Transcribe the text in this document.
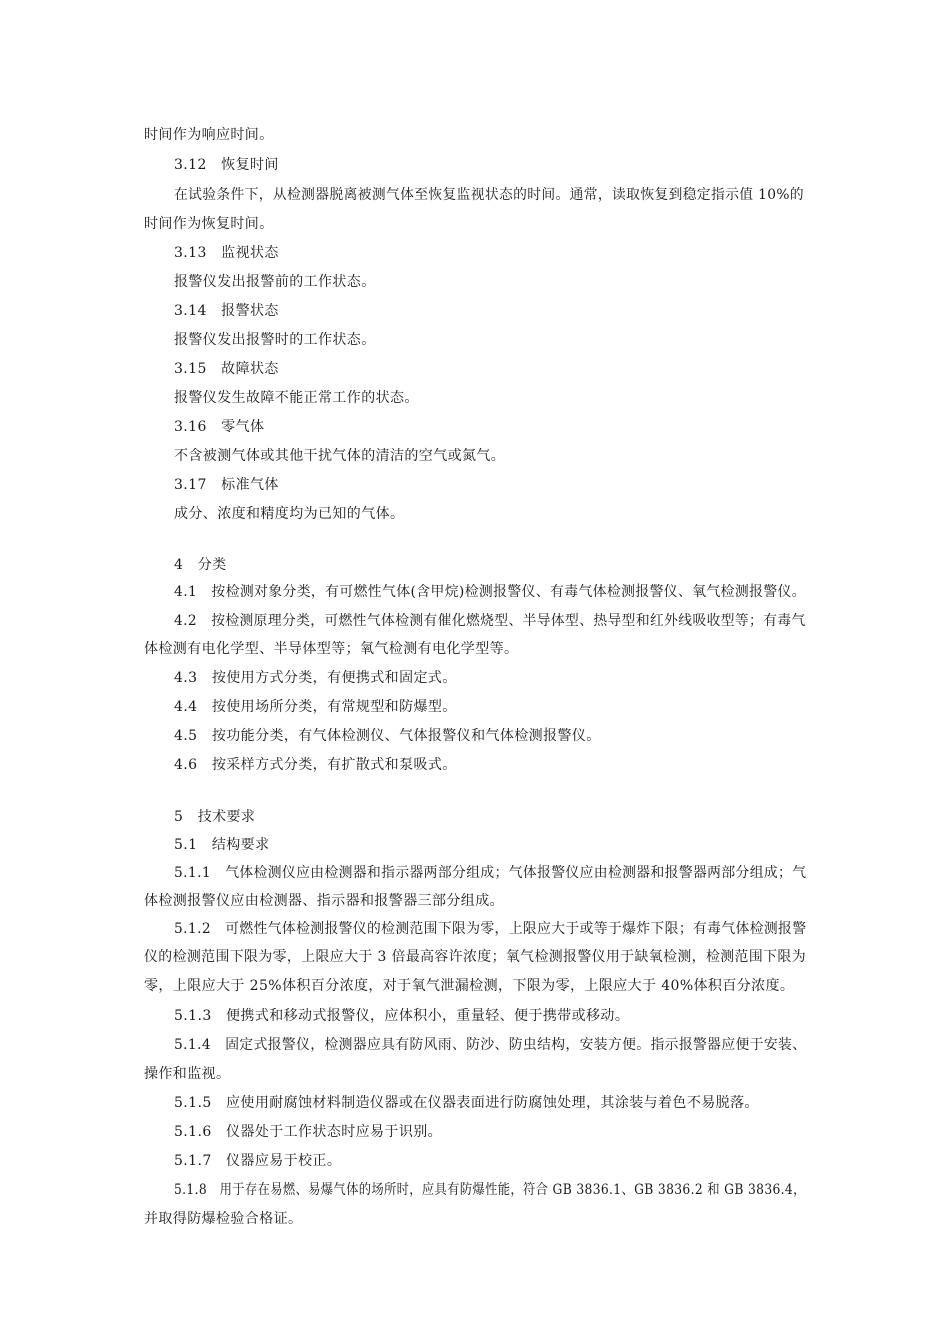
时间作为响应时间。
3.12　恢复时间
在试验条件下，从检测器脱离被测气体至恢复监视状态的时间。通常，读取恢复到稳定指示值 10%的
时间作为恢复时间。
3.13　监视状态
报警仪发出报警前的工作状态。
3.14　报警状态
报警仪发出报警时的工作状态。
3.15　故障状态
报警仪发生故障不能正常工作的状态。
3.16　零气体
不含被测气体或其他干扰气体的清洁的空气或氮气。
3.17　标准气体
成分、浓度和精度均为已知的气体。
4　分类
4.1　按检测对象分类，有可燃性气体(含甲烷)检测报警仪、有毒气体检测报警仪、氧气检测报警仪。
4.2　按检测原理分类，可燃性气体检测有催化燃烧型、半导体型、热导型和红外线吸收型等；有毒气
体检测有电化学型、半导体型等；氧气检测有电化学型等。
4.3　按使用方式分类，有便携式和固定式。
4.4　按使用场所分类，有常规型和防爆型。
4.5　按功能分类，有气体检测仪、气体报警仪和气体检测报警仪。
4.6　按采样方式分类，有扩散式和泵吸式。
5　技术要求
5.1　结构要求
5.1.1　气体检测仪应由检测器和指示器两部分组成；气体报警仪应由检测器和报警器两部分组成；气
体检测报警仪应由检测器、指示器和报警器三部分组成。
5.1.2　可燃性气体检测报警仪的检测范围下限为零，上限应大于或等于爆炸下限；有毒气体检测报警
仪的检测范围下限为零，上限应大于 3 倍最高容许浓度；氧气检测报警仪用于缺氧检测，检测范围下限为
零，上限应大于 25%体积百分浓度，对于氧气泄漏检测，下限为零，上限应大于 40%体积百分浓度。
5.1.3　便携式和移动式报警仪，应体积小，重量轻、便于携带或移动。
5.1.4　固定式报警仪，检测器应具有防风雨、防沙、防虫结构，安装方便。指示报警器应便于安装、
操作和监视。
5.1.5　应使用耐腐蚀材料制造仪器或在仪器表面进行防腐蚀处理，其涂装与着色不易脱落。
5.1.6　仪器处于工作状态时应易于识别。
5.1.7　仪器应易于校正。
5.1.8　用于存在易燃、易爆气体的场所时，应具有防爆性能，符合 GB 3836.1、GB 3836.2 和 GB 3836.4，
并取得防爆检验合格证。
